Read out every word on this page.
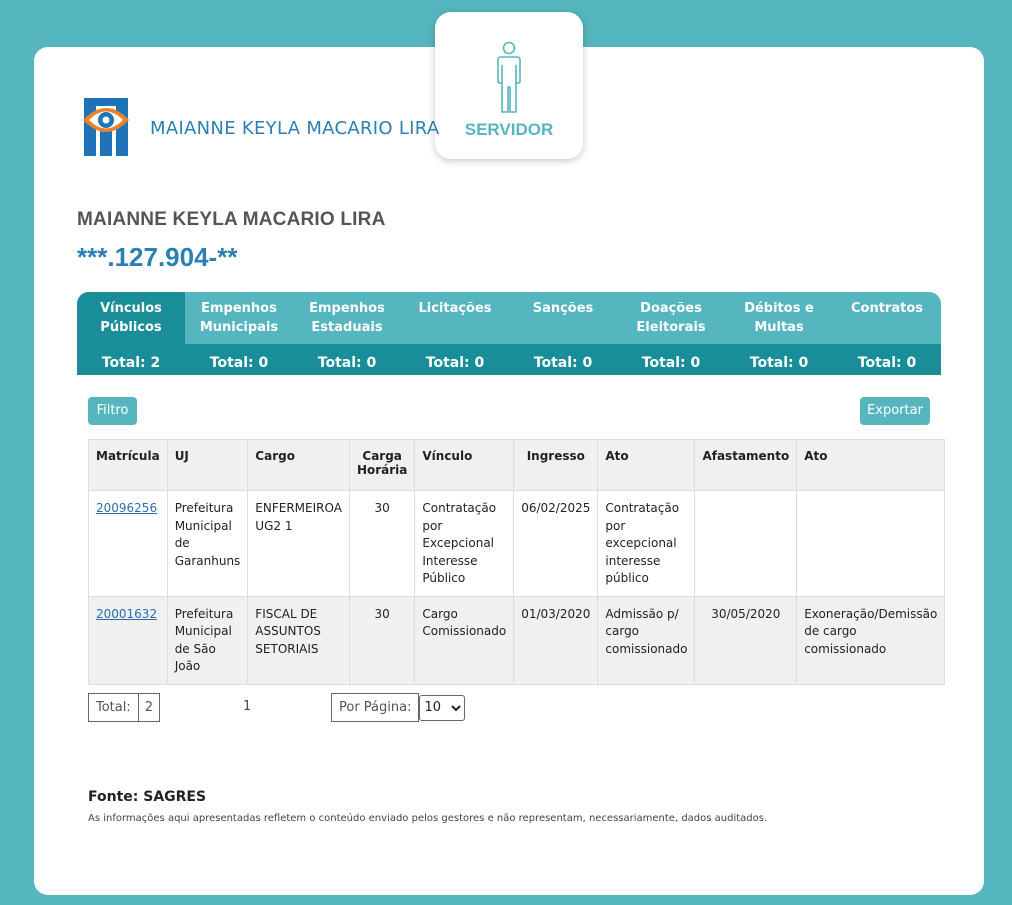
SERVIDOR
MAIANNE KEYLA MACARIO LIRA
MAIANNE KEYLA MACARIO LIRA
***.127.904-**
Vínculos
Públicos
Empenhos
Municipais
Empenhos
Estaduais
Licitações	Sanções	Doações
Eleitorais
Débitos e
Multas
Contratos
Total: 2	Total: 0	Total: 0	Total: 0	Total: 0	Total: 0	Total: 0	Total: 0
Filtro	Exportar
Matrícula	UJ	Cargo	Carga
Horária	Vínculo	Ingresso	Ato	Afastamento	Ato
20096256	Prefeitura Municipal de Garanhuns	ENFERMEIROA UG2 1	30	Contratação por Excepcional Interesse Público	06/02/2025	Contratação por excepcional interesse público		
20001632	Prefeitura Municipal de São João	FISCAL DE ASSUNTOS SETORIAIS	30	Cargo Comissionado	01/03/2020	Admissão p/ cargo comissionado	30/05/2020	Exoneração/Demissão de cargo comissionado
Total:	2	1	Por Página:
10
Fonte: SAGRES
As informações aqui apresentadas refletem o conteúdo enviado pelos gestores e não representam, necessariamente, dados auditados.
